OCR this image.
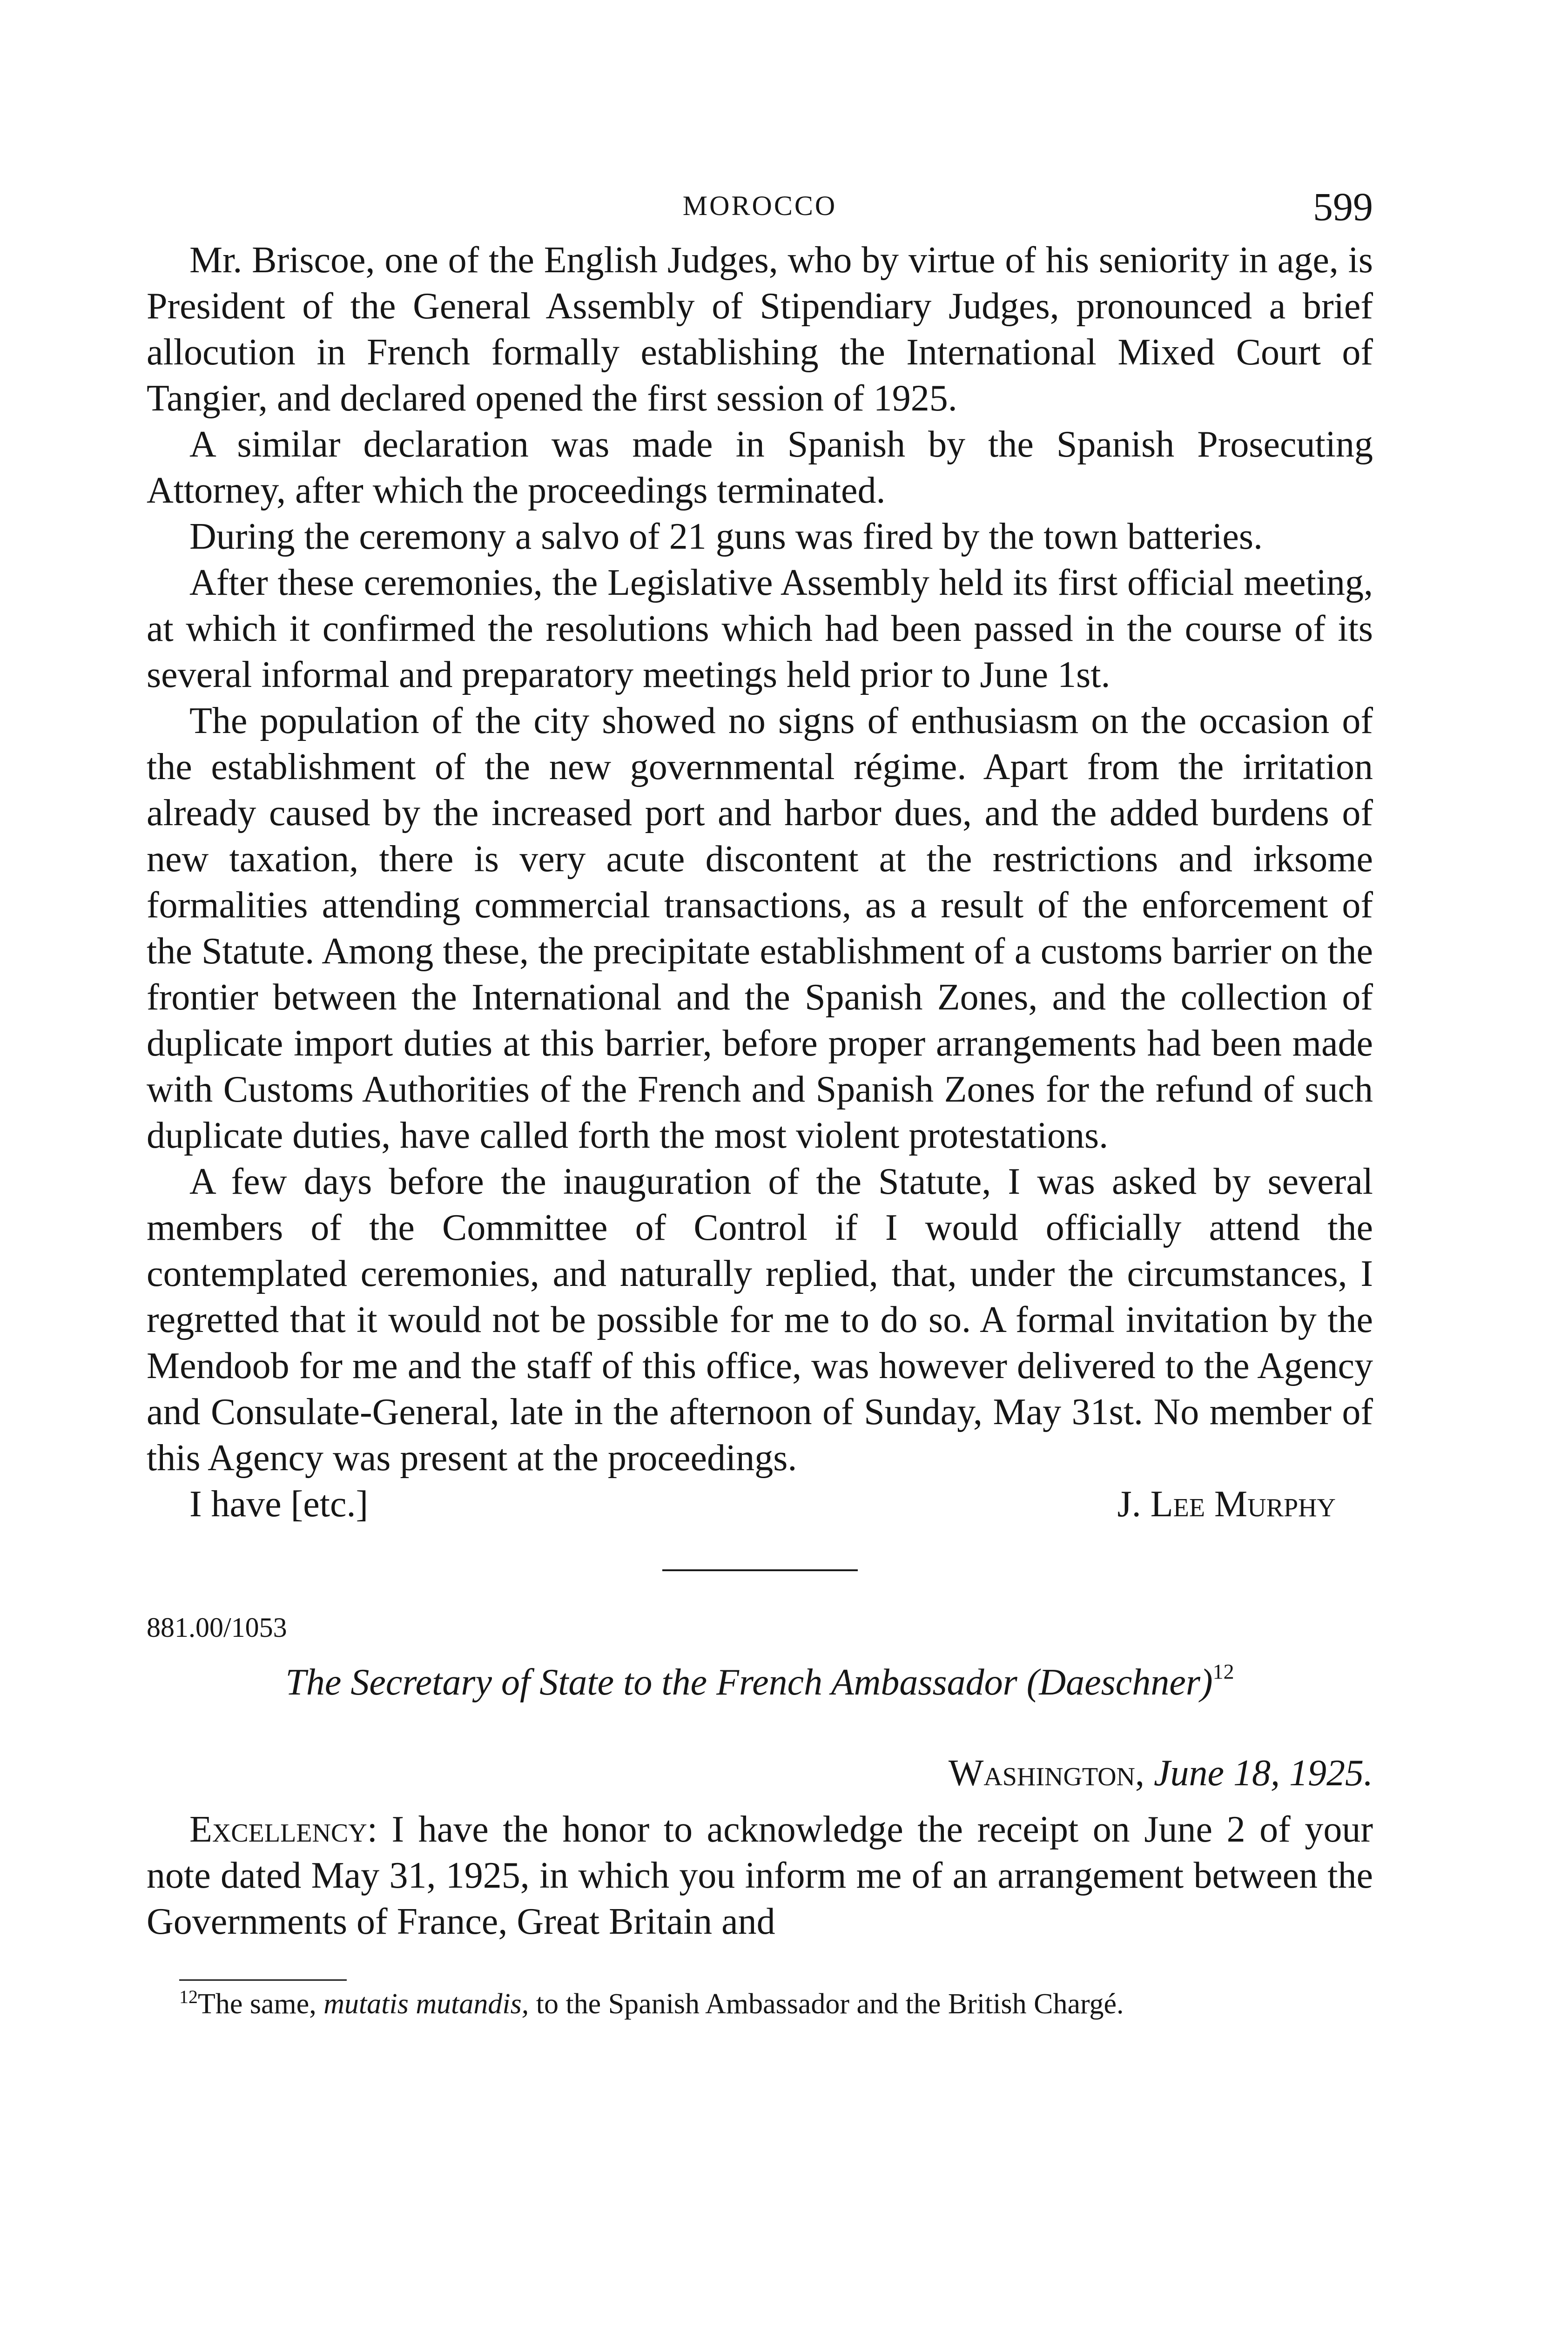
MOROCCO	599

Mr. Briscoe, one of the English Judges, who by virtue of his seniority in age, is President of the General Assembly of Stipendiary Judges, pronounced a brief allocution in French formally establishing the International Mixed Court of Tangier, and declared opened the first session of 1925.

A similar declaration was made in Spanish by the Spanish Prosecuting Attorney, after which the proceedings terminated.

During the ceremony a salvo of 21 guns was fired by the town batteries.

After these ceremonies, the Legislative Assembly held its first official meeting, at which it confirmed the resolutions which had been passed in the course of its several informal and preparatory meetings held prior to June 1st.

The population of the city showed no signs of enthusiasm on the occasion of the establishment of the new governmental régime. Apart from the irritation already caused by the increased port and harbor dues, and the added burdens of new taxation, there is very acute discontent at the restrictions and irksome formalities attending commercial transactions, as a result of the enforcement of the Statute. Among these, the precipitate establishment of a customs barrier on the frontier between the International and the Spanish Zones, and the collection of duplicate import duties at this barrier, before proper arrangements had been made with Customs Authorities of the French and Spanish Zones for the refund of such duplicate duties, have called forth the most violent protestations.

A few days before the inauguration of the Statute, I was asked by several members of the Committee of Control if I would officially attend the contemplated ceremonies, and naturally replied, that, under the circumstances, I regretted that it would not be possible for me to do so. A formal invitation by the Mendoob for me and the staff of this office, was however delivered to the Agency and Consulate-General, late in the afternoon of Sunday, May 31st. No member of this Agency was present at the proceedings.

I have [etc.]	J. Lee Murphy
881.00/1053
The Secretary of State to the French Ambassador (Daeschner)$^{12}$
Washington, June 18, 1925.

Excellency: I have the honor to acknowledge the receipt on June 2 of your note dated May 31, 1925, in which you inform me of an arrangement between the Governments of France, Great Britain and

$^{12}$The same, mutatis mutandis, to the Spanish Ambassador and the British Chargé.
